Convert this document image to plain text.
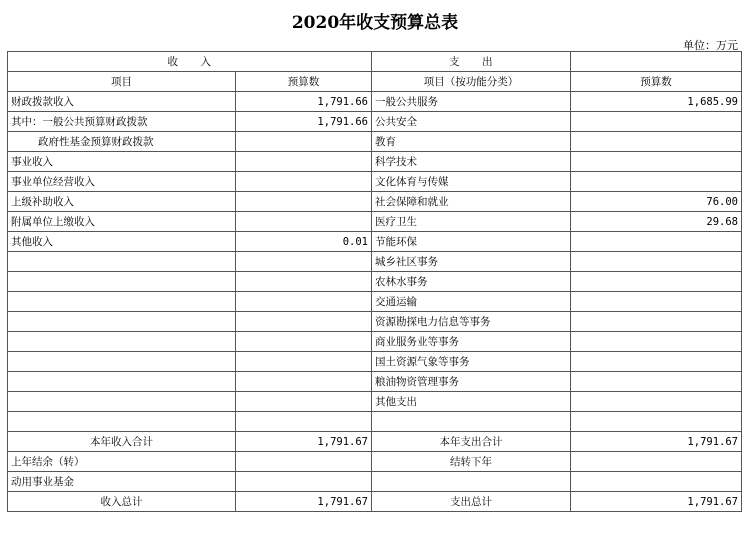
2020年收支预算总表
单位：万元
收　　入		支　　出	
项目	预算数	项目（按功能分类）	预算数
财政拨款收入	1,791.66	一般公共服务	1,685.99
其中：一般公共预算财政拨款	1,791.66	公共安全	
政府性基金预算财政拨款		教育	
事业收入		科学技术	
事业单位经营收入		文化体育与传媒	
上级补助收入		社会保障和就业	76.00
附属单位上缴收入		医疗卫生	29.68
其他收入	0.01	节能环保	
		城乡社区事务	
		农林水事务	
		交通运输	
		资源勘探电力信息等事务	
		商业服务业等事务	
		国土资源气象等事务	
		粮油物资管理事务	
		其他支出	

本年收入合计	1,791.67	本年支出合计	1,791.67
上年结余（转）		结转下年	
动用事业基金			
收入总计	1,791.67	支出总计	1,791.67
